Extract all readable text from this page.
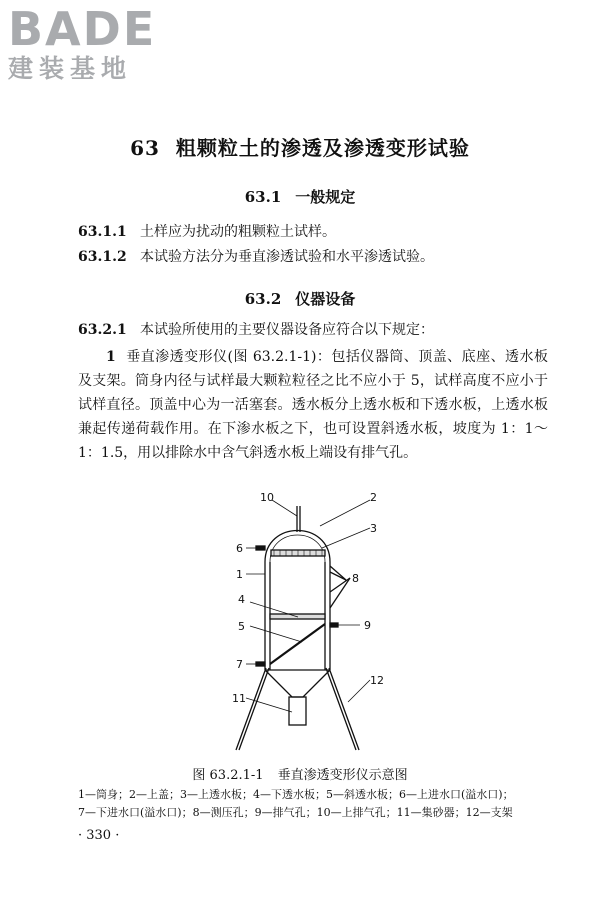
BADE
建装基地
63 粗颗粒土的渗透及渗透变形试验
63.1 一般规定
63.1.1 土样应为扰动的粗颗粒土试样。
63.1.2 本试验方法分为垂直渗透试验和水平渗透试验。
63.2 仪器设备
63.2.1 本试验所使用的主要仪器设备应符合以下规定：
1 垂直渗透变形仪(图 63.2.1-1)：包括仪器筒、顶盖、底座、透水板及支架。筒身内径与试样最大颗粒粒径之比不应小于 5，试样高度不应小于试样直径。顶盖中心为一活塞套。透水板分上透水板和下透水板，上透水板兼起传递荷载作用。在下渗水板之下，也可设置斜透水板，坡度为 1：1～1：1.5，用以排除水中含气斜透水板上端设有排气孔。
10	2
3
6
1	8
4
5	9
7
12
11
图 63.2.1-1 垂直渗透变形仪示意图
1—筒身；2—上盖；3—上透水板；4—下透水板；5—斜透水板；6—上进水口(溢水口)；
7—下进水口(溢水口)；8—测压孔；9—排气孔；10—上排气孔；11—集砂器；12—支架
· 330 ·
